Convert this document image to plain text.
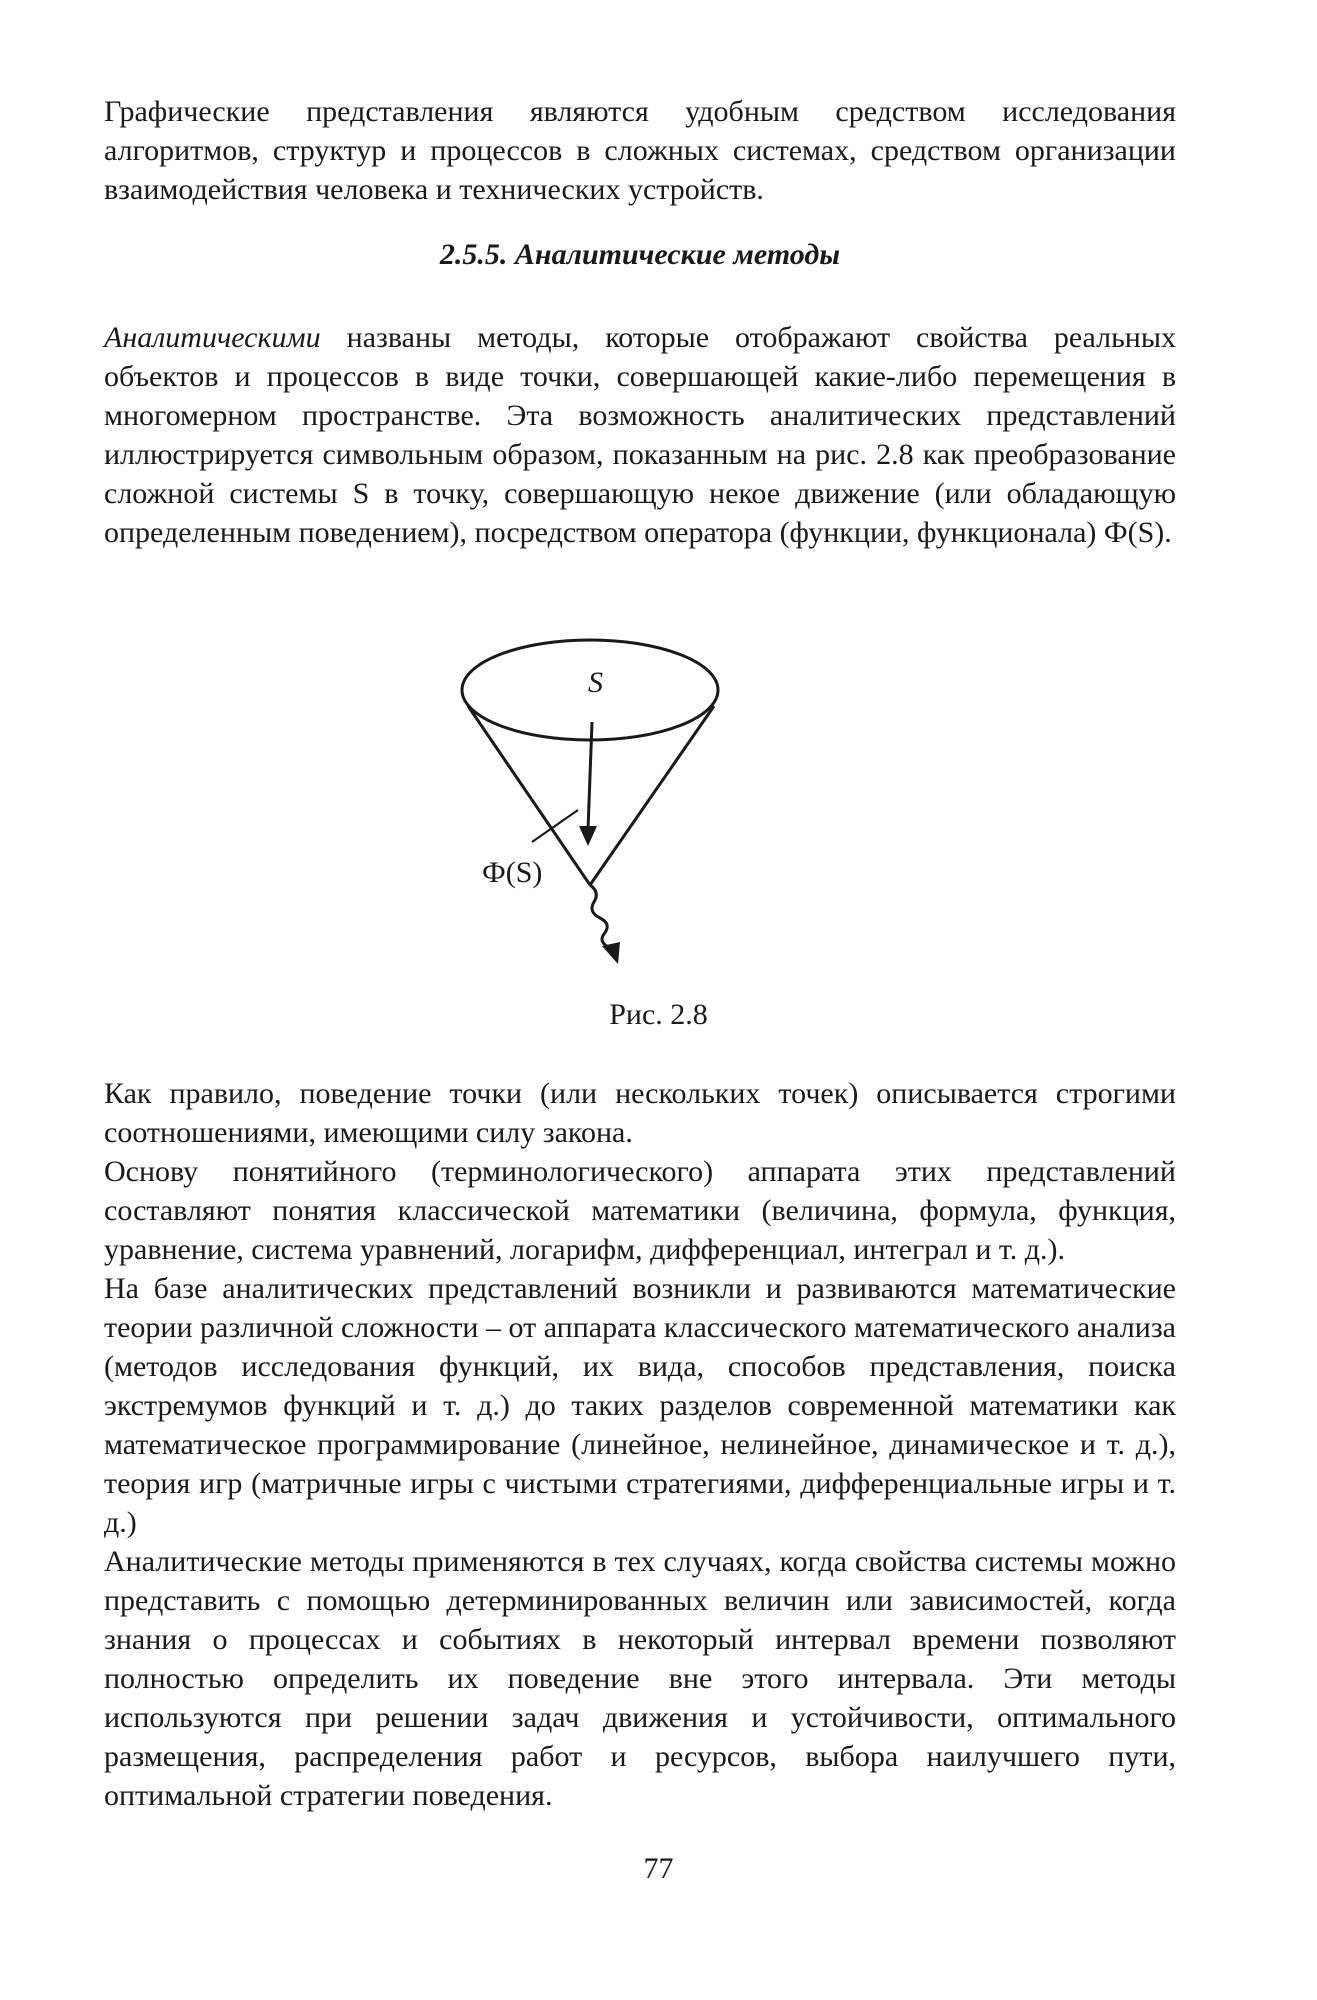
Графические представления являются удобным средством исследования алгоритмов, структур и процессов в сложных системах, средством организации взаимодействия человека и технических устройств.

2.5.5. Аналитические методы

Аналитическими названы методы, которые отображают свойства реальных объектов и процессов в виде точки, совершающей какие-либо перемещения в многомерном пространстве. Эта возможность аналитических представлений иллюстрируется символьным образом, показанным на рис. 2.8 как преобразование сложной системы S в точку, совершающую некое движение (или обладающую определенным поведением), посредством оператора (функции, функционала) Ф(S).

S
Ф(S)

Рис. 2.8

Как правило, поведение точки (или нескольких точек) описывается строгими соотношениями, имеющими силу закона.

Основу понятийного (терминологического) аппарата этих представлений составляют понятия классической математики (величина, формула, функция, уравнение, система уравнений, логарифм, дифференциал, интеграл и т. д.).

На базе аналитических представлений возникли и развиваются математические теории различной сложности – от аппарата классического математического анализа (методов исследования функций, их вида, способов представления, поиска экстремумов функций и т. д.) до таких разделов современной математики как математическое программирование (линейное, нелинейное, динамическое и т. д.), теория игр (матричные игры с чистыми стратегиями, дифференциальные игры и т. д.)

Аналитические методы применяются в тех случаях, когда свойства системы можно представить с помощью детерминированных величин или зависимостей, когда знания о процессах и событиях в некоторый интервал времени позволяют полностью определить их поведение вне этого интервала. Эти методы используются при решении задач движения и устойчивости, оптимального размещения, распределения работ и ресурсов, выбора наилучшего пути, оптимальной стратегии поведения.

77
